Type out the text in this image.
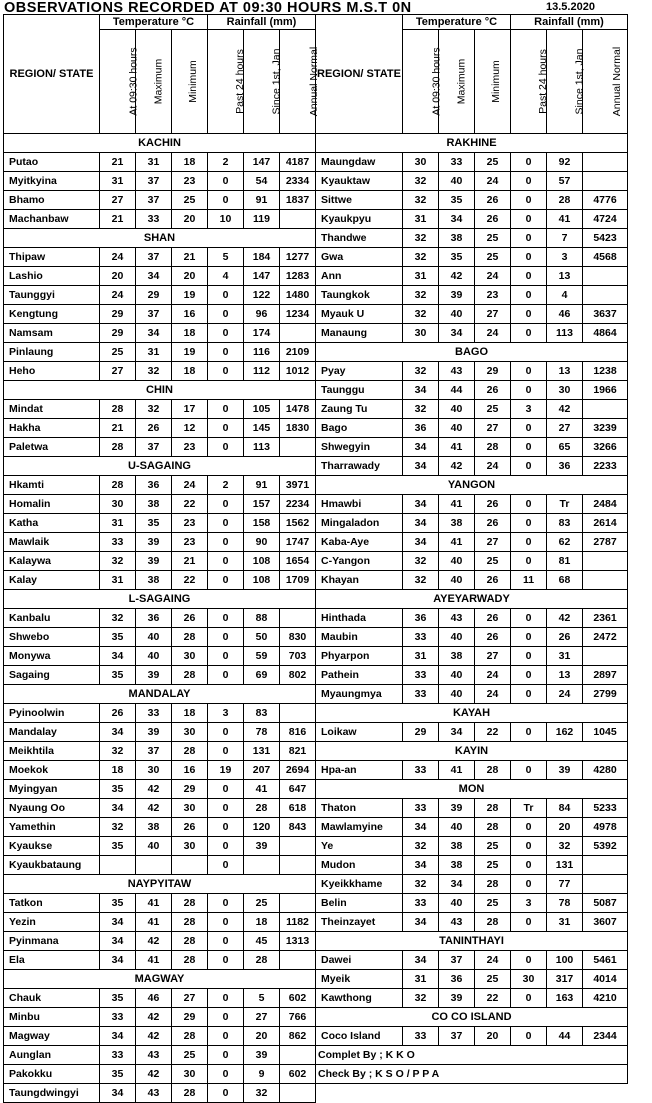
OBSERVATIONS RECORDED AT 09:30 HOURS M.S.T 0N	13.5.2020
REGION/ STATE	Temperature °C			Rainfall (mm)		
	At 09:30 hours	Maximum	Minimum	Past 24 hours	Since 1st, Jan	Annual Normal
KACHIN						
Putao	21	31	18	2	147	4187
Myitkyina	31	37	23	0	54	2334
Bhamo	27	37	25	0	91	1837
Machanbaw	21	33	20	10	119	
SHAN						
Thipaw	24	37	21	5	184	1277
Lashio	20	34	20	4	147	1283
Taunggyi	24	29	19	0	122	1480
Kengtung	29	37	16	0	96	1234
Namsam	29	34	18	0	174	
Pinlaung	25	31	19	0	116	2109
Heho	27	32	18	0	112	1012
CHIN						
Mindat	28	32	17	0	105	1478
Hakha	21	26	12	0	145	1830
Paletwa	28	37	23	0	113	
U-SAGAING						
Hkamti	28	36	24	2	91	3971
Homalin	30	38	22	0	157	2234
Katha	31	35	23	0	158	1562
Mawlaik	33	39	23	0	90	1747
Kalaywa	32	39	21	0	108	1654
Kalay	31	38	22	0	108	1709
L-SAGAING						
Kanbalu	32	36	26	0	88	
Shwebo	35	40	28	0	50	830
Monywa	34	40	30	0	59	703
Sagaing	35	39	28	0	69	802
MANDALAY						
Pyinoolwin	26	33	18	3	83	
Mandalay	34	39	30	0	78	816
Meikhtila	32	37	28	0	131	821
Moekok	18	30	16	19	207	2694
Myingyan	35	42	29	0	41	647
Nyaung Oo	34	42	30	0	28	618
Yamethin	32	38	26	0	120	843
Kyaukse	35	40	30	0	39	
Kyaukbataung				0		
NAYPYITAW						
Tatkon	35	41	28	0	25	
Yezin	34	41	28	0	18	1182
Pyinmana	34	42	28	0	45	1313
Ela	34	41	28	0	28	
MAGWAY						
Chauk	35	46	27	0	5	602
Minbu	33	42	29	0	27	766
Magway	34	42	28	0	20	862
Aunglan	33	43	25	0	39	
Pakokku	35	42	30	0	9	602
Taungdwingyi	34	43	28	0	32	
REGION/ STATE	Temperature °C			Rainfall (mm)		
	At 09:30 hours	Maximum	Minimum	Past 24 hours	Since 1st, Jan	Annual Normal
RAKHINE						
Maungdaw	30	33	25	0	92	
Kyauktaw	32	40	24	0	57	
Sittwe	32	35	26	0	28	4776
Kyaukpyu	31	34	26	0	41	4724
Thandwe	32	38	25	0	7	5423
Gwa	32	35	25	0	3	4568
Ann	31	42	24	0	13	
Taungkok	32	39	23	0	4	
Myauk U	32	40	27	0	46	3637
Manaung	30	34	24	0	113	4864
BAGO						
Pyay	32	43	29	0	13	1238
Taunggu	34	44	26	0	30	1966
Zaung Tu	32	40	25	3	42	
Bago	36	40	27	0	27	3239
Shwegyin	34	41	28	0	65	3266
Tharrawady	34	42	24	0	36	2233
YANGON						
Hmawbi	34	41	26	0	Tr	2484
Mingaladon	34	38	26	0	83	2614
Kaba-Aye	34	41	27	0	62	2787
C-Yangon	32	40	25	0	81	
Khayan	32	40	26	11	68	
AYEYARWADY						
Hinthada	36	43	26	0	42	2361
Maubin	33	40	26	0	26	2472
Phyarpon	31	38	27	0	31	
Pathein	33	40	24	0	13	2897
Myaungmya	33	40	24	0	24	2799
KAYAH						
Loikaw	29	34	22	0	162	1045
KAYIN						
Hpa-an	33	41	28	0	39	4280
MON						
Thaton	33	39	28	Tr	84	5233
Mawlamyine	34	40	28	0	20	4978
Ye	32	38	25	0	32	5392
Mudon	34	38	25	0	131	
Kyeikkhame	32	34	28	0	77	
Belin	33	40	25	3	78	5087
Theinzayet	34	43	28	0	31	3607
TANINTHAYI						
Dawei	34	37	24	0	100	5461
Myeik	31	36	25	30	317	4014
Kawthong	32	39	22	0	163	4210
CO CO ISLAND						
Coco Island	33	37	20	0	44	2344
Complet By ; K K O						
Check By ; K S O / P P A						
